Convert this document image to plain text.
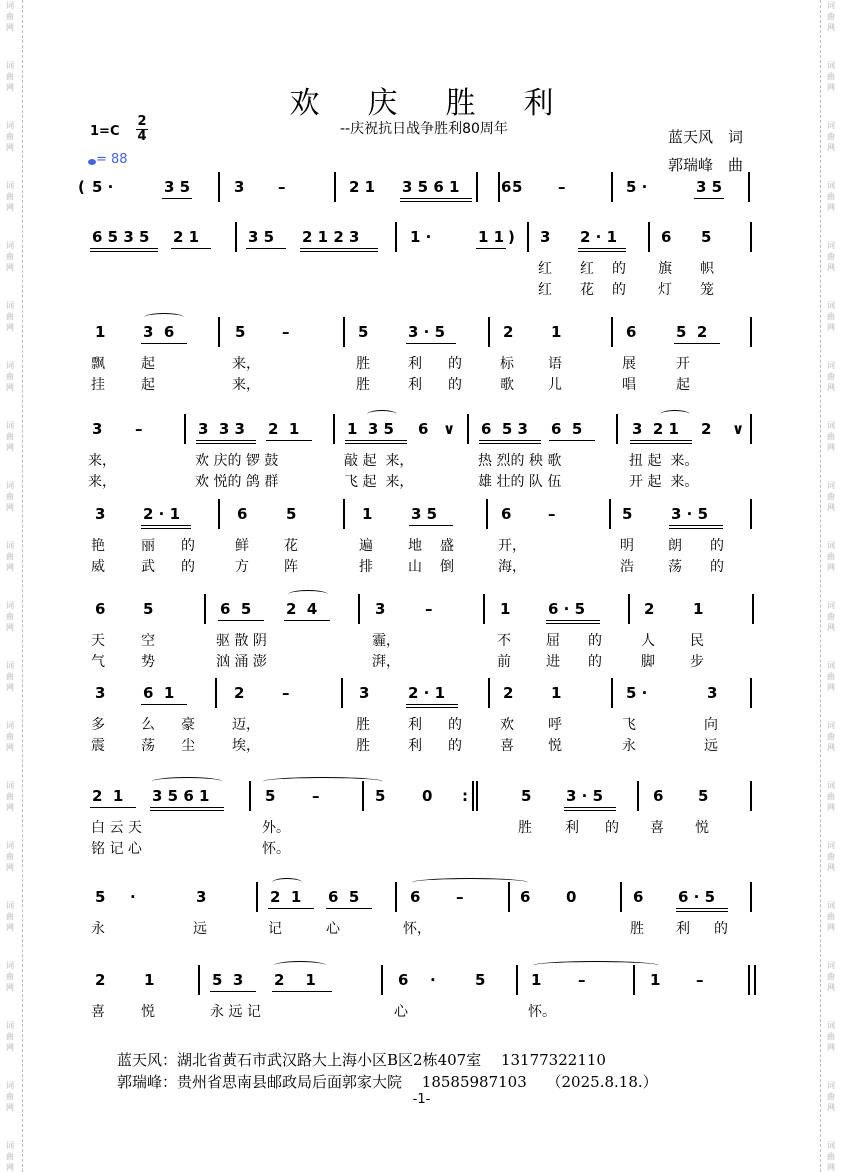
词曲网
词曲网
词曲网
词曲网
词曲网
词曲网
词曲网
词曲网
词曲网
词曲网
词曲网
词曲网
词曲网
词曲网
词曲网
词曲网
词曲网
词曲网
词曲网
词曲网
词曲网
词曲网
词曲网
词曲网
词曲网
词曲网
词曲网
词曲网
词曲网
词曲网
词曲网
词曲网
词曲网
词曲网
词曲网
词曲网
词曲网
词曲网
词曲网
词曲网
欢庆胜利
--庆祝抗日战争胜利80周年
1=C
2
4
= 88
蓝天风　词
郭瑞峰　曲
( 5 ·	3 5	3 –	2 1 3 5 6 1	6 5 –	5 ·	3 5
6 5 3 5 2 1	3 5 2 1 2 3	1 ·	1 1 ) 3 2 · 1	6 5
红 红 的 旗 帜
红 花 的 灯 笼
1	3  6	5 –	5	3 · 5	2	1	6	5  2
飘	起	来，	胜	利 的	标 语	展	开
挂	起	来，	胜	利 的	歌 儿	唱	起
3 –	3  3 3 2  1	1  3 5 6 ∨ 6  5 3 6  5	3  2 1 2 ∨
来，	欢 庆的 锣 鼓	敲 起  来，	热 烈的 秧 歌	扭 起  来。
来，	欢 悦的 鸽 群	飞 起  来，	雄 壮的 队 伍	开 起  来。
3	2 · 1	6	5	1	3 5	6 –	5	3 · 5
艳	丽 的	鲜	花	遍	地 盛	开，	明 朗 的
威	武 的	方	阵	排	山 倒	海，	浩 荡 的
6	5	6  5 2  4	3	–	1	6 · 5	2	1
天	空	驱 散 阴	霾，	不	屈 的	人	民
气	势	汹 涌 澎	湃，	前	进 的	脚	步
3	6  1	2	–	3	2 · 1	2	1	5 ·	3
多	么 豪	迈，	胜	利 的	欢 呼	飞	向
震	荡 尘	埃，	胜	利 的	喜 悦	永	远
2  1 3 5 6 1	5 –	5 0 :	5 3 · 5	6 5
白 云 天	外。	胜 利 的 喜 悦
铭 记 心	怀。
5 ·	3	2  1 6  5	6 –	6 0	6 6 · 5
永	远	记	心	怀，	胜 利 的
2	1	5  3 2    1	6 ·	5	1 –	1 –
喜	悦	永 远 记	心	怀。
蓝天风：湖北省黄石市武汉路大上海小区B区2栋407室　 13177322110
郭瑞峰：贵州省思南县邮政局后面郭家大院　 18585987103　 （2025.8.18.）
-1-
